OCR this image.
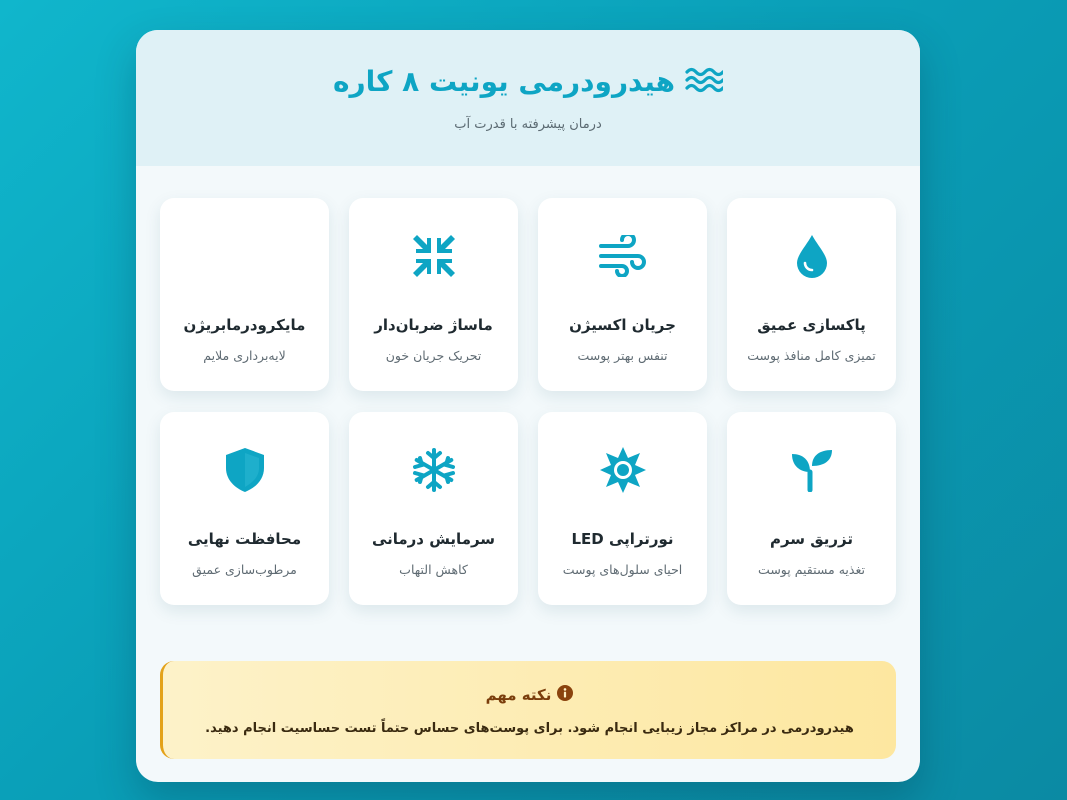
هیدرودرمی یونیت ۸ کاره
درمان پیشرفته با قدرت آب
پاکسازی عمیق
تمیزی کامل منافذ پوست
جریان اکسیژن
تنفس بهتر پوست
ماساژ ضربان‌دار
تحریک جریان خون
مایکرودرمابریژن
لایه‌برداری ملایم
تزریق سرم
تغذیه مستقیم پوست
نورتراپی LED
احیای سلول‌های پوست
سرمایش درمانی
کاهش التهاب
محافظت نهایی
مرطوب‌سازی عمیق
نکته مهم
هیدرودرمی در مراکز مجاز زیبایی انجام شود. برای پوست‌های حساس حتماً تست حساسیت انجام دهید.
